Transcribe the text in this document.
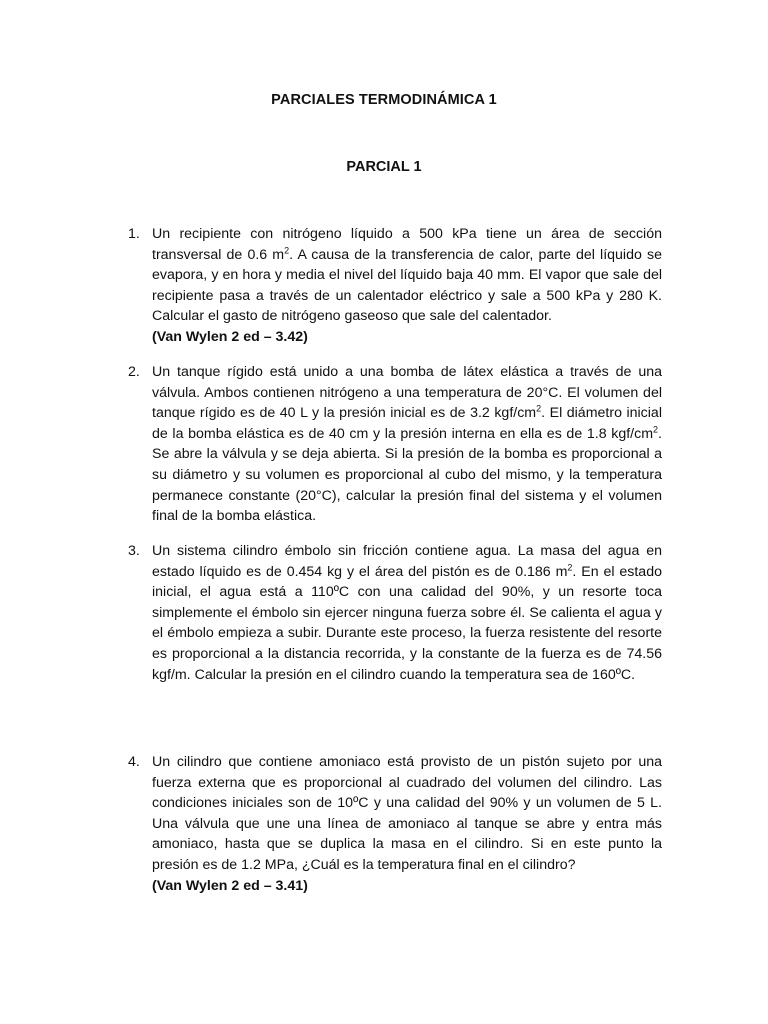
PARCIALES TERMODINÁMICA 1
PARCIAL 1
1. Un recipiente con nitrógeno líquido a 500 kPa tiene un área de sección transversal de 0.6 $m^2$. A causa de la transferencia de calor, parte del líquido se evapora, y en hora y media el nivel del líquido baja 40 mm. El vapor que sale del recipiente pasa a través de un calentador eléctrico y sale a 500 kPa y 280 K. Calcular el gasto de nitrógeno gaseoso que sale del calentador.
(Van Wylen 2 ed – 3.42)
2. Un tanque rígido está unido a una bomba de látex elástica a través de una válvula. Ambos contienen nitrógeno a una temperatura de 20°C. El volumen del tanque rígido es de 40 L y la presión inicial es de 3.2 kgf/$cm^2$. El diámetro inicial de la bomba elástica es de 40 cm y la presión interna en ella es de 1.8 kgf/$cm^2$. Se abre la válvula y se deja abierta. Si la presión de la bomba es proporcional a su diámetro y su volumen es proporcional al cubo del mismo, y la temperatura permanece constante (20°C), calcular la presión final del sistema y el volumen final de la bomba elástica.
3. Un sistema cilindro émbolo sin fricción contiene agua. La masa del agua en estado líquido es de 0.454 kg y el área del pistón es de 0.186 $m^2$. En el estado inicial, el agua está a 110ºC con una calidad del 90%, y un resorte toca simplemente el émbolo sin ejercer ninguna fuerza sobre él. Se calienta el agua y el émbolo empieza a subir. Durante este proceso, la fuerza resistente del resorte es proporcional a la distancia recorrida, y la constante de la fuerza es de 74.56 kgf/m. Calcular la presión en el cilindro cuando la temperatura sea de 160ºC.
4. Un cilindro que contiene amoniaco está provisto de un pistón sujeto por una fuerza externa que es proporcional al cuadrado del volumen del cilindro. Las condiciones iniciales son de 10ºC y una calidad del 90% y un volumen de 5 L. Una válvula que une una línea de amoniaco al tanque se abre y entra más amoniaco, hasta que se duplica la masa en el cilindro. Si en este punto la presión es de 1.2 MPa, ¿Cuál es la temperatura final en el cilindro?
(Van Wylen 2 ed – 3.41)
